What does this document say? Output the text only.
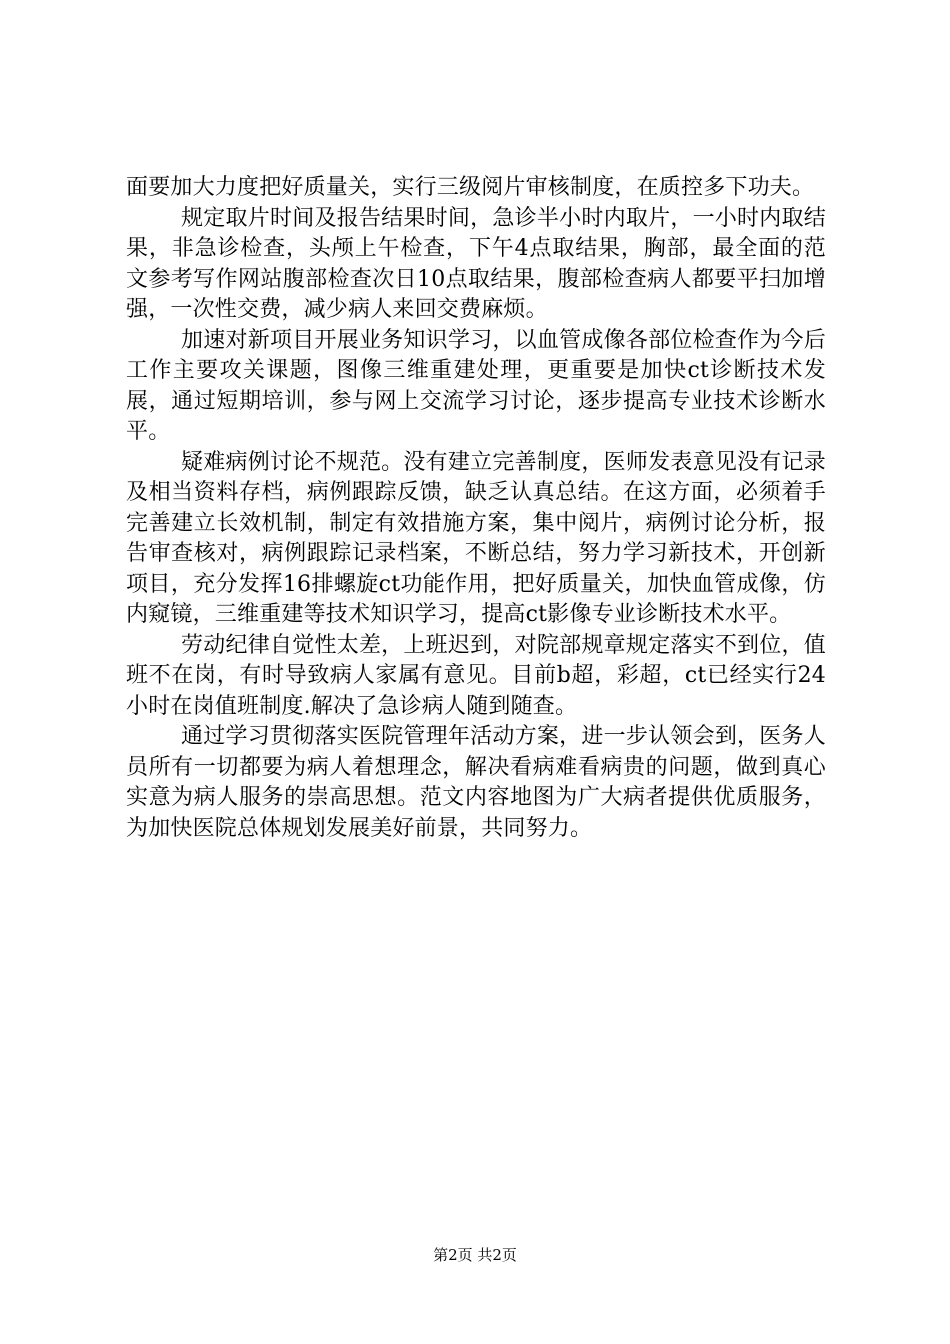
面要加大力度把好质量关，实行三级阅片审核制度，在质控多下功夫。

规定取片时间及报告结果时间，急诊半小时内取片，一小时内取结果，非急诊检查，头颅上午检查，下午4点取结果，胸部，最全面的范文参考写作网站腹部检查次日10点取结果，腹部检查病人都要平扫加增强，一次性交费，减少病人来回交费麻烦。

加速对新项目开展业务知识学习，以血管成像各部位检查作为今后工作主要攻关课题，图像三维重建处理，更重要是加快ct诊断技术发展，通过短期培训，参与网上交流学习讨论，逐步提高专业技术诊断水平。

疑难病例讨论不规范。没有建立完善制度，医师发表意见没有记录及相当资料存档，病例跟踪反馈，缺乏认真总结。在这方面，必须着手完善建立长效机制，制定有效措施方案，集中阅片，病例讨论分析，报告审查核对，病例跟踪记录档案，不断总结，努力学习新技术，开创新项目，充分发挥16排螺旋ct功能作用，把好质量关，加快血管成像，仿内窥镜，三维重建等技术知识学习，提高ct影像专业诊断技术水平。

劳动纪律自觉性太差，上班迟到，对院部规章规定落实不到位，值班不在岗，有时导致病人家属有意见。目前b超，彩超，ct已经实行24小时在岗值班制度.解决了急诊病人随到随查。

通过学习贯彻落实医院管理年活动方案，进一步认领会到，医务人员所有一切都要为病人着想理念，解决看病难看病贵的问题，做到真心实意为病人服务的崇高思想。范文内容地图为广大病者提供优质服务，为加快医院总体规划发展美好前景，共同努力。

第2页 共2页
